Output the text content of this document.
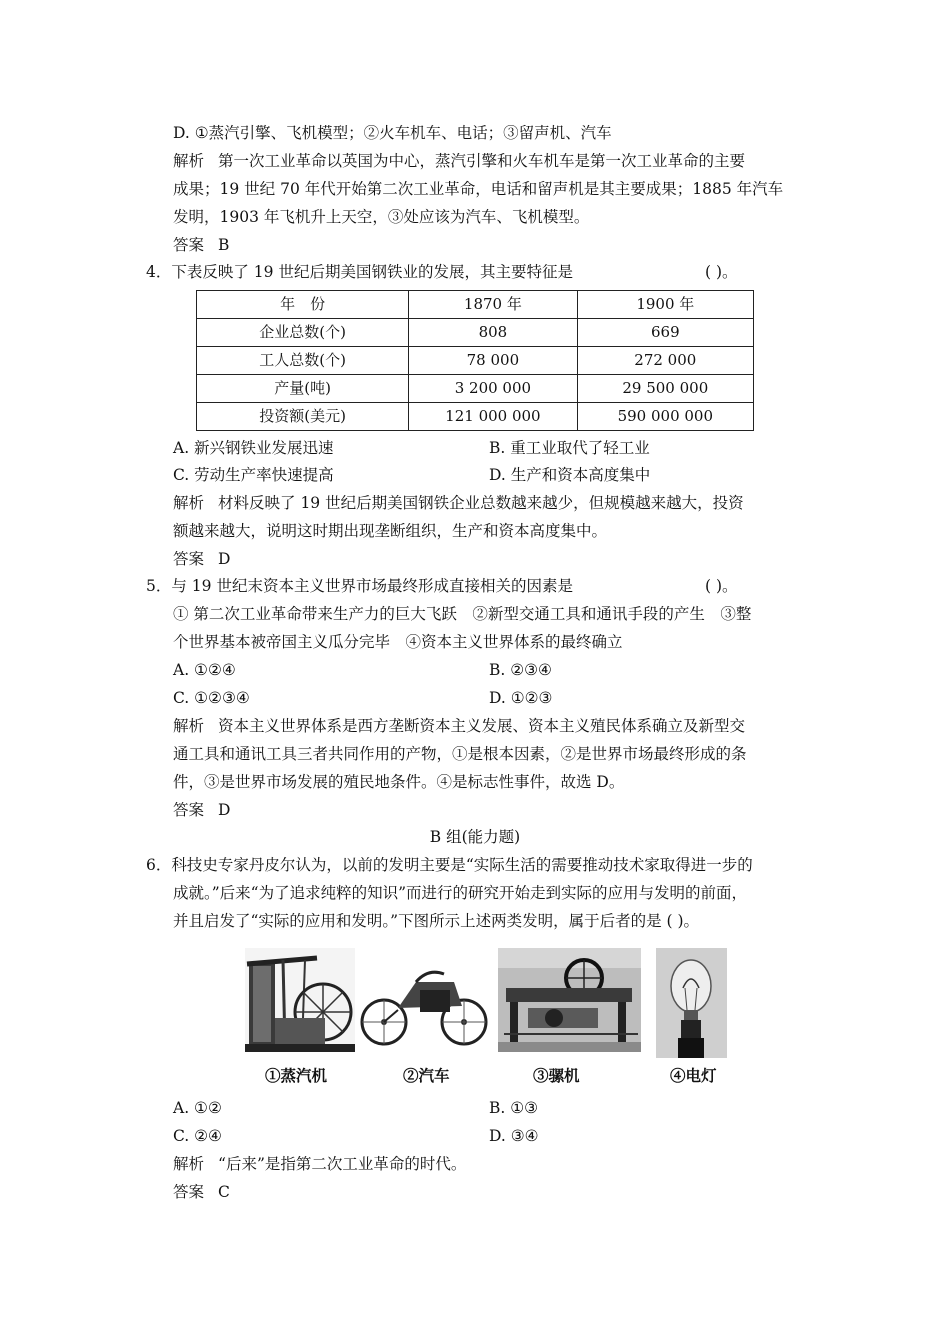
D. ①蒸汽引擎、飞机模型；②火车机车、电话；③留声机、汽车
解析 第一次工业革命以英国为中心，蒸汽引擎和火车机车是第一次工业革命的主要
成果；19 世纪 70 年代开始第二次工业革命，电话和留声机是其主要成果；1885 年汽车
发明，1903 年飞机升上天空，③处应该为汽车、飞机模型。
答案 B
4．下表反映了 19 世纪后期美国钢铁业的发展，其主要特征是	( )。
年　份	1870 年	1900 年
企业总数(个)	808	669
工人总数(个)	78 000	272 000
产量(吨)	3 200 000	29 500 000
投资额(美元)	121 000 000	590 000 000
A. 新兴钢铁业发展迅速	B. 重工业取代了轻工业
C. 劳动生产率快速提高	D. 生产和资本高度集中
解析 材料反映了 19 世纪后期美国钢铁企业总数越来越少，但规模越来越大，投资
额越来越大，说明这时期出现垄断组织，生产和资本高度集中。
答案 D
5．与 19 世纪末资本主义世界市场最终形成直接相关的因素是	( )。
① 第二次工业革命带来生产力的巨大飞跃　②新型交通工具和通讯手段的产生　③整
个世界基本被帝国主义瓜分完毕　④资本主义世界体系的最终确立
A. ①②④	B. ②③④
C. ①②③④	D. ①②③
解析 资本主义世界体系是西方垄断资本主义发展、资本主义殖民体系确立及新型交
通工具和通讯工具三者共同作用的产物，①是根本因素，②是世界市场最终形成的条
件，③是世界市场发展的殖民地条件。④是标志性事件，故选 D。
答案 D
B 组(能力题)
6．科技史专家丹皮尔认为，以前的发明主要是“实际生活的需要推动技术家取得进一步的
成就。”后来“为了追求纯粹的知识”而进行的研究开始走到实际的应用与发明的前面，
并且启发了“实际的应用和发明。”下图所示上述两类发明，属于后者的是 ( )。
①蒸汽机	②汽车	③骡机	④电灯
A. ①②	B. ①③
C. ②④	D. ③④
解析 “后来”是指第二次工业革命的时代。
答案 C
